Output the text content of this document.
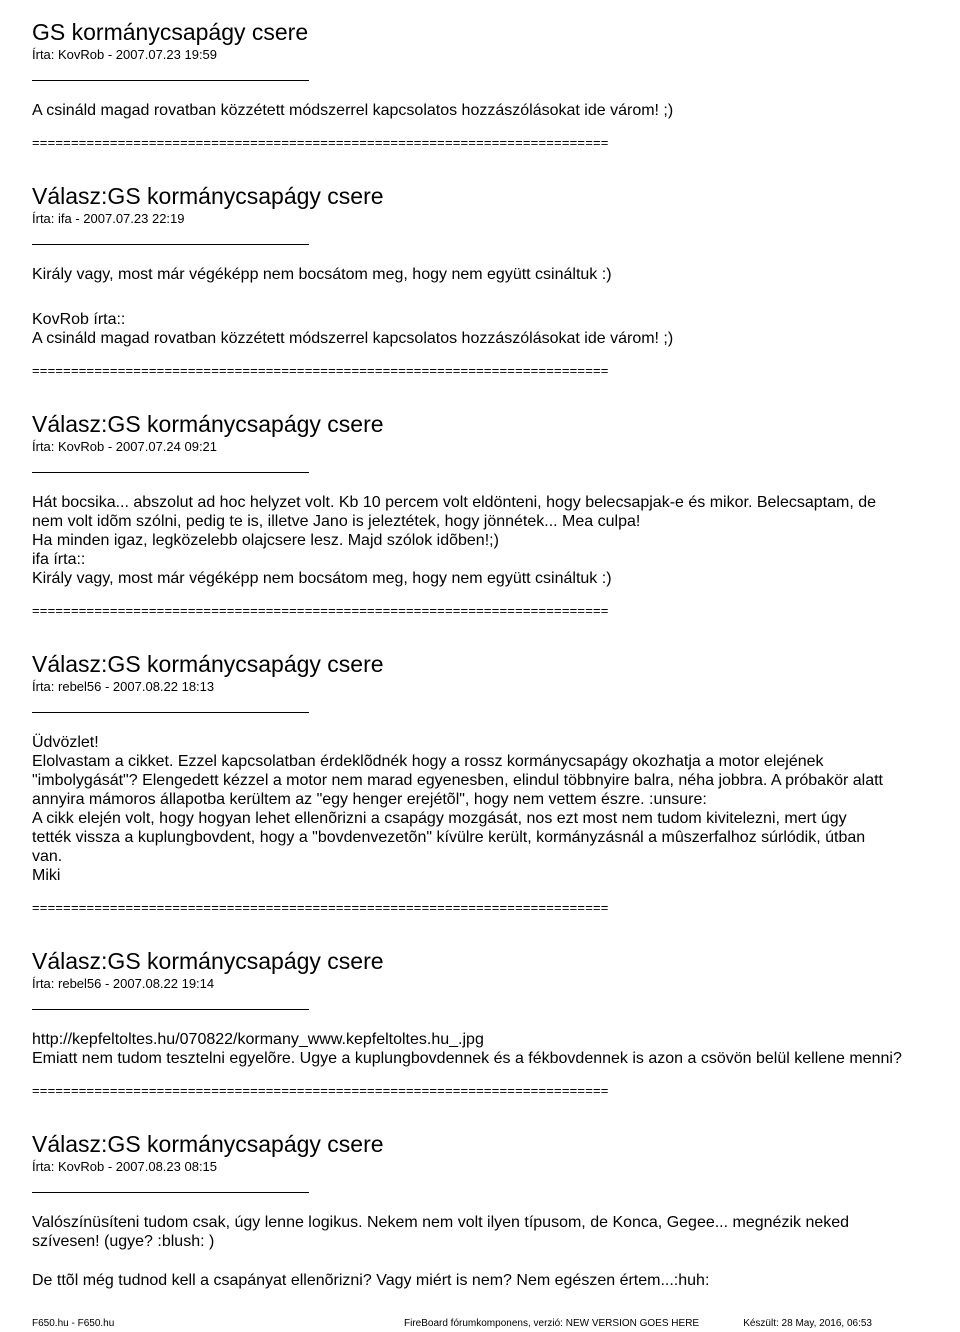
GS kormánycsapágy csere
Írta: KovRob - 2007.07.23 19:59
A csináld magad rovatban közzétett módszerrel kapcsolatos hozzászólásokat ide várom! ;)
==========================================================================
Válasz:GS kormánycsapágy csere
Írta: ifa - 2007.07.23 22:19
Király vagy, most már végéképp nem bocsátom meg, hogy nem együtt csináltuk :)
KovRob írta::
A csináld magad rovatban közzétett módszerrel kapcsolatos hozzászólásokat ide várom! ;)
==========================================================================
Válasz:GS kormánycsapágy csere
Írta: KovRob - 2007.07.24 09:21
Hát bocsika... abszolut ad hoc helyzet volt. Kb 10 percem volt eldönteni, hogy belecsapjak-e és mikor. Belecsaptam, de
nem volt idõm szólni, pedig te is, illetve Jano is jeleztétek, hogy jönnétek... Mea culpa!
Ha minden igaz, legközelebb olajcsere lesz. Majd szólok idõben!;)
ifa írta::
Király vagy, most már végéképp nem bocsátom meg, hogy nem együtt csináltuk :)
==========================================================================
Válasz:GS kormánycsapágy csere
Írta: rebel56 - 2007.08.22 18:13
Üdvözlet!
Elolvastam a cikket. Ezzel kapcsolatban érdeklõdnék hogy a rossz kormánycsapágy okozhatja a motor elejének
"imbolygását"? Elengedett kézzel a motor nem marad egyenesben, elindul többnyire balra, néha jobbra. A próbakör alatt
annyira mámoros állapotba kerültem az "egy henger erejétõl", hogy nem vettem észre. :unsure:
A cikk elején volt, hogy hogyan lehet ellenõrizni a csapágy mozgását, nos ezt most nem tudom kivitelezni, mert úgy
tették vissza a kuplungbovdent, hogy a "bovdenvezetõn" kívülre került, kormányzásnál a mûszerfalhoz súrlódik, útban
van.
Miki
==========================================================================
Válasz:GS kormánycsapágy csere
Írta: rebel56 - 2007.08.22 19:14
http://kepfeltoltes.hu/070822/kormany_www.kepfeltoltes.hu_.jpg
Emiatt nem tudom tesztelni egyelõre. Ugye a kuplungbovdennek és a fékbovdennek is azon a csövön belül kellene menni?
==========================================================================
Válasz:GS kormánycsapágy csere
Írta: KovRob - 2007.08.23 08:15
Valószínüsíteni tudom csak, úgy lenne logikus. Nekem nem volt ilyen típusom, de Konca, Gegee... megnézik neked
szívesen! (ugye? :blush: )
De ttõl még tudnod kell a csapányat ellenõrizni? Vagy miért is nem? Nem egészen értem...:huh:
F650.hu - F650.hu	FireBoard fórumkomponens, verzió: NEW VERSION GOES HERE	Készült: 28 May, 2016, 06:53
